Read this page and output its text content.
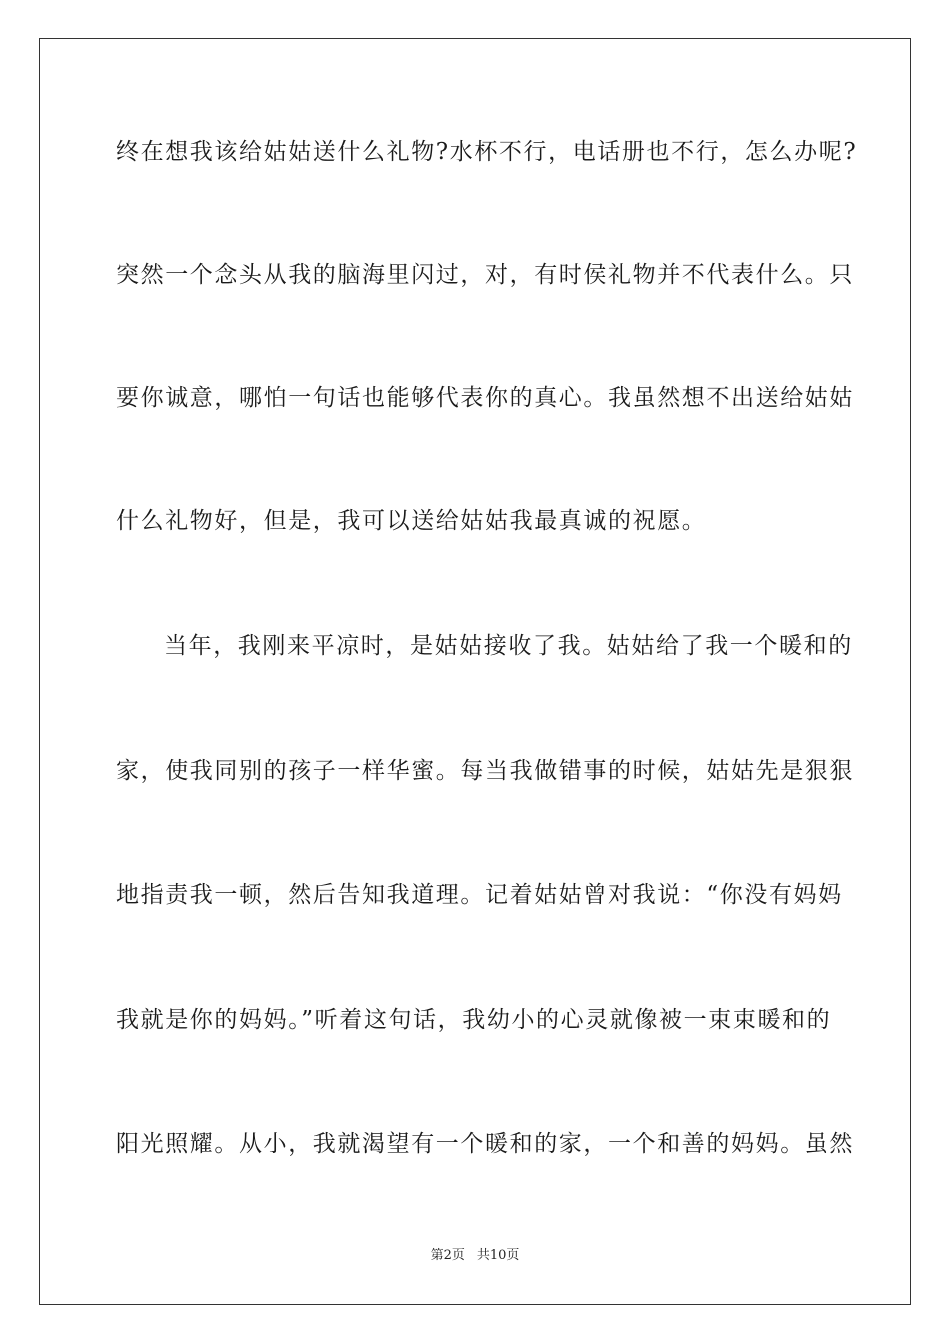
终在想我该给姑姑送什么礼物?水杯不行，电话册也不行，怎么办呢?
突然一个念头从我的脑海里闪过，对，有时侯礼物并不代表什么。只
要你诚意，哪怕一句话也能够代表你的真心。我虽然想不出送给姑姑
什么礼物好，但是，我可以送给姑姑我最真诚的祝愿。
当年，我刚来平凉时，是姑姑接收了我。姑姑给了我一个暖和的
家，使我同别的孩子一样华蜜。每当我做错事的时候，姑姑先是狠狠
地指责我一顿，然后告知我道理。记着姑姑曾对我说：“你没有妈妈
我就是你的妈妈。”听着这句话，我幼小的心灵就像被一束束暖和的
阳光照耀。从小，我就渴望有一个暖和的家，一个和善的妈妈。虽然
第2页 共10页
